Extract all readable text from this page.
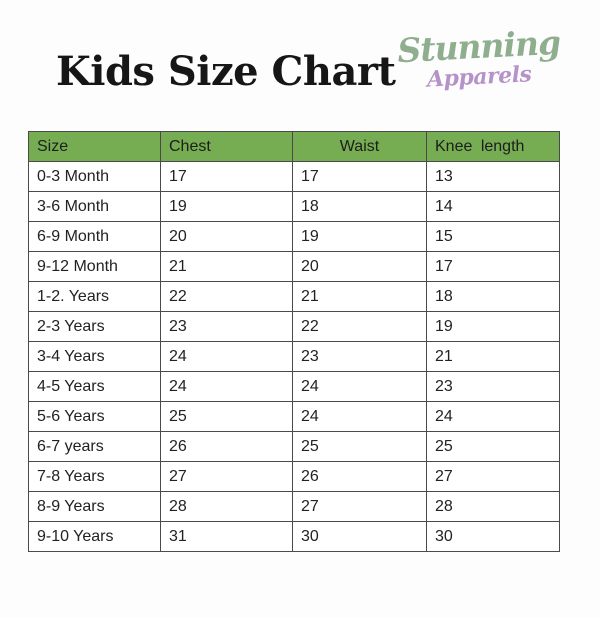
Kids Size Chart
Stunning
Apparels
Size	Chest	Waist	Knee length
0-3 Month	17	17	13
3-6 Month	19	18	14
6-9 Month	20	19	15
9-12 Month	21	20	17
1-2. Years	22	21	18
2-3 Years	23	22	19
3-4 Years	24	23	21
4-5 Years	24	24	23
5-6 Years	25	24	24
6-7 years	26	25	25
7-8 Years	27	26	27
8-9 Years	28	27	28
9-10 Years	31	30	30
